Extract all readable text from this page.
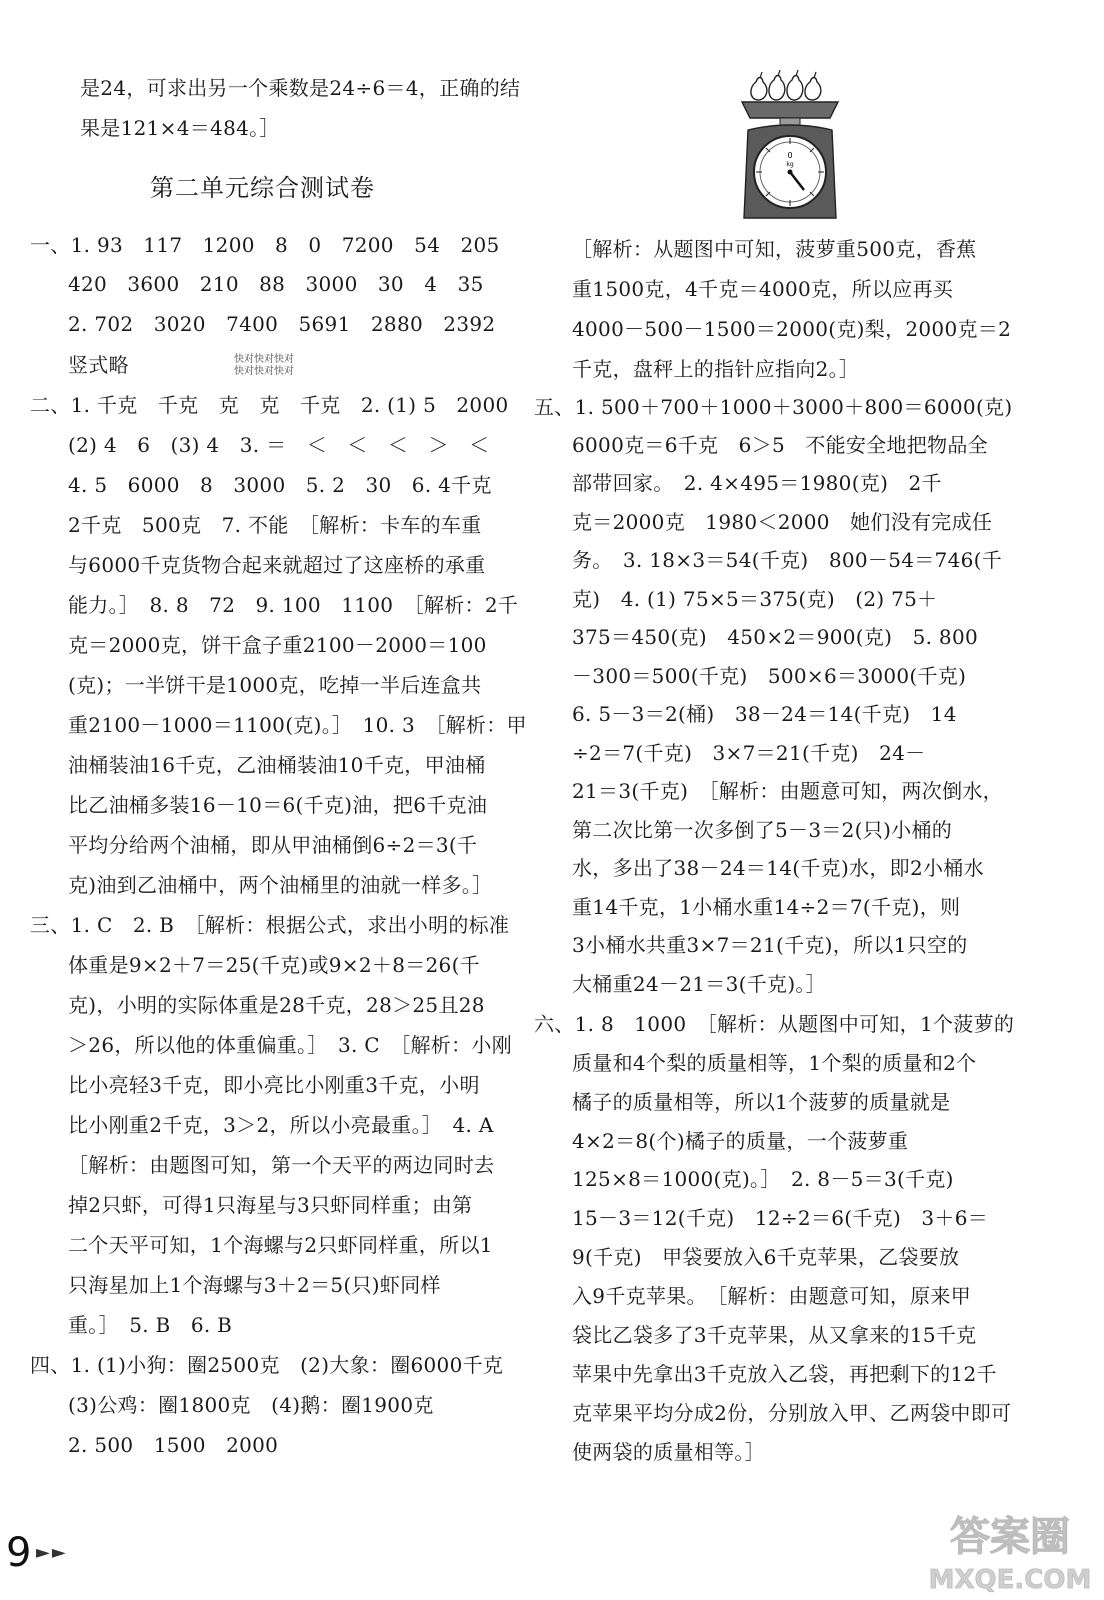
第二单元综合测试卷
快对快对快对
快对快对快对
0
kg
9 ►►	答案圈
MXQE.COM
是24，可求出另一个乘数是24÷6＝4，正确的结
果是121×4＝484。］
一、1. 93　117　1200　8　0　7200　54　205
420　3600　210　88　3000　30　4　35
2. 702　3020　7400　5691　2880　2392
竖式略
二、1. 千克　千克　克　克　千克　2. (1) 5　2000
(2) 4　6　(3) 4　3. ＝　＜　＜　＜　＞　＜
4. 5　6000　8　3000　5. 2　30　6. 4千克
2千克　500克　7. 不能　［解析：卡车的车重
与6000千克货物合起来就超过了这座桥的承重
能力。］　8. 8　72　9. 100　1100　［解析：2千
克＝2000克，饼干盒子重2100－2000＝100
(克)；一半饼干是1000克，吃掉一半后连盒共
重2100－1000＝1100(克)。］　10. 3　［解析：甲
油桶装油16千克，乙油桶装油10千克，甲油桶
比乙油桶多装16－10＝6(千克)油，把6千克油
平均分给两个油桶，即从甲油桶倒6÷2＝3(千
克)油到乙油桶中，两个油桶里的油就一样多。］
三、1. C　2. B　［解析：根据公式，求出小明的标准
体重是9×2＋7＝25(千克)或9×2＋8＝26(千
克)，小明的实际体重是28千克，28＞25且28
＞26，所以他的体重偏重。］　3. C　［解析：小刚
比小亮轻3千克，即小亮比小刚重3千克，小明
比小刚重2千克，3＞2，所以小亮最重。］　4. A
［解析：由题图可知，第一个天平的两边同时去
掉2只虾，可得1只海星与3只虾同样重；由第
二个天平可知，1个海螺与2只虾同样重，所以1
只海星加上1个海螺与3＋2＝5(只)虾同样
重。］　5. B　6. B
四、1. (1)小狗：圈2500克　(2)大象：圈6000千克
(3)公鸡：圈1800克　(4)鹅：圈1900克
2. 500　1500　2000
［解析：从题图中可知，菠萝重500克，香蕉
重1500克，4千克＝4000克，所以应再买
4000－500－1500＝2000(克)梨，2000克＝2
千克，盘秤上的指针应指向2。］
五、1. 500＋700＋1000＋3000＋800＝6000(克)
6000克＝6千克　6＞5　不能安全地把物品全
部带回家。　2. 4×495＝1980(克)　2千
克＝2000克　1980＜2000　她们没有完成任
务。　3. 18×3＝54(千克)　800－54＝746(千
克)　4. (1) 75×5＝375(克)　(2) 75＋
375＝450(克)　450×2＝900(克)　5. 800
－300＝500(千克)　500×6＝3000(千克)
6. 5－3＝2(桶)　38－24＝14(千克)　14
÷2＝7(千克)　3×7＝21(千克)　24－
21＝3(千克)　［解析：由题意可知，两次倒水，
第二次比第一次多倒了5－3＝2(只)小桶的
水，多出了38－24＝14(千克)水，即2小桶水
重14千克，1小桶水重14÷2＝7(千克)，则
3小桶水共重3×7＝21(千克)，所以1只空的
大桶重24－21＝3(千克)。］
六、1. 8　1000　［解析：从题图中可知，1个菠萝的
质量和4个梨的质量相等，1个梨的质量和2个
橘子的质量相等，所以1个菠萝的质量就是
4×2＝8(个)橘子的质量，一个菠萝重
125×8＝1000(克)。］　2. 8－5＝3(千克)
15－3＝12(千克)　12÷2＝6(千克)　3＋6＝
9(千克)　甲袋要放入6千克苹果，乙袋要放
入9千克苹果。　［解析：由题意可知，原来甲
袋比乙袋多了3千克苹果，从又拿来的15千克
苹果中先拿出3千克放入乙袋，再把剩下的12千
克苹果平均分成2份，分别放入甲、乙两袋中即可
使两袋的质量相等。］
